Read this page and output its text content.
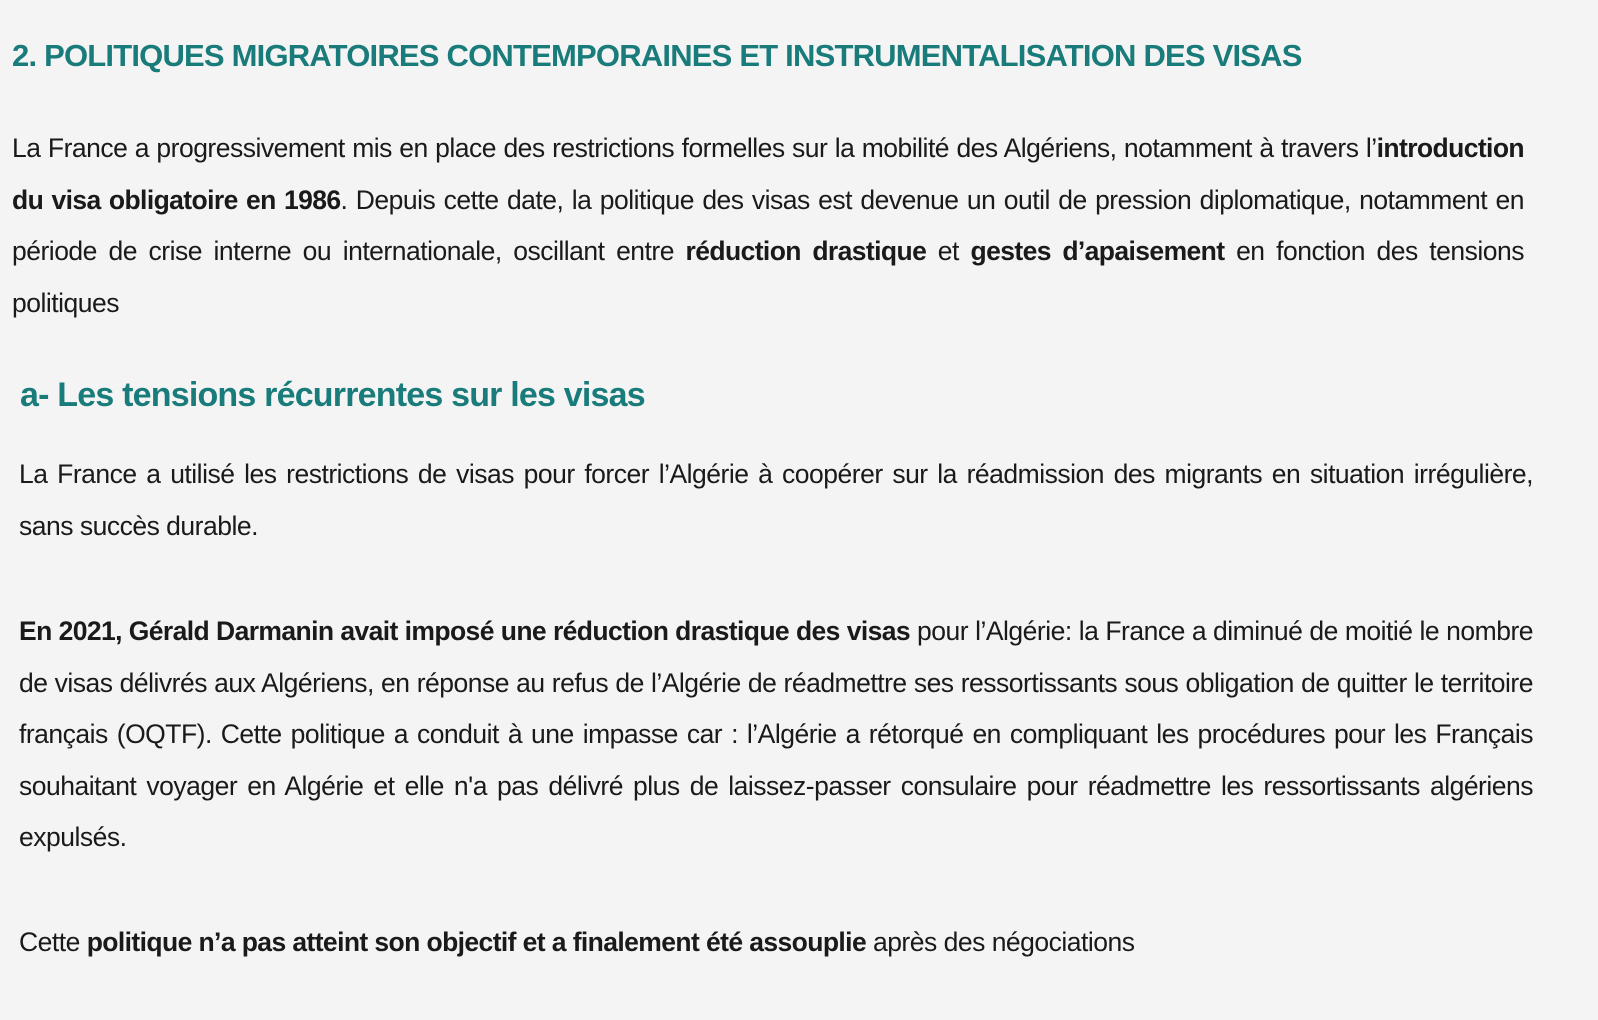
2. POLITIQUES MIGRATOIRES CONTEMPORAINES ET INSTRUMENTALISATION DES VISAS

La France a progressivement mis en place des restrictions formelles sur la mobilité des Algériens, notamment à travers l’introduction du visa obligatoire en 1986. Depuis cette date, la politique des visas est devenue un outil de pression diplomatique, notamment en période de crise interne ou internationale, oscillant entre réduction drastique et gestes d’apaisement en fonction des tensions politiques

a- Les tensions récurrentes sur les visas

La France a utilisé les restrictions de visas pour forcer l’Algérie à coopérer sur la réadmission des migrants en situation irrégulière, sans succès durable.

En 2021, Gérald Darmanin avait imposé une réduction drastique des visas pour l’Algérie: la France a diminué de moitié le nombre de visas délivrés aux Algériens, en réponse au refus de l’Algérie de réadmettre ses ressortissants sous obligation de quitter le territoire français (OQTF). Cette politique a conduit à une impasse car : l’Algérie a rétorqué en compliquant les procédures pour les Français souhaitant voyager en Algérie et elle n'a pas délivré plus de laissez-passer consulaire pour réadmettre les ressortissants algériens expulsés.

Cette politique n’a pas atteint son objectif et a finalement été assouplie après des négociations
